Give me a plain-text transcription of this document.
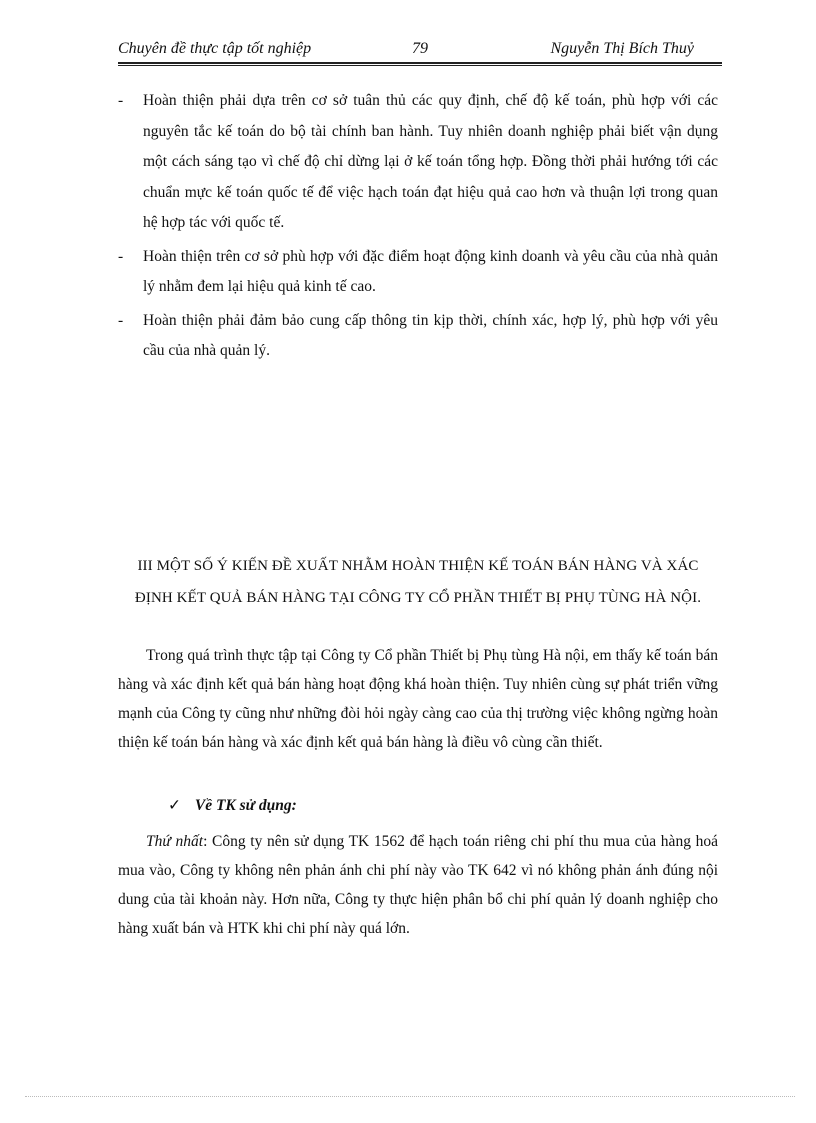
Chuyên đề thực tập tốt nghiệp	79	Nguyễn Thị Bích Thuỷ
- Hoàn thiện phải dựa trên cơ sở tuân thủ các quy định, chế độ kế toán, phù hợp với các nguyên tắc kế toán do bộ tài chính ban hành. Tuy nhiên doanh nghiệp phải biết vận dụng một cách sáng tạo vì chế độ chỉ dừng lại ở kế toán tổng hợp. Đồng thời phải hướng tới các chuẩn mực kế toán quốc tế để việc hạch toán đạt hiệu quả cao hơn và thuận lợi trong quan hệ hợp tác với quốc tế.
- Hoàn thiện trên cơ sở phù hợp với đặc điểm hoạt động kinh doanh và yêu cầu của nhà quản lý nhằm đem lại hiệu quả kinh tế cao.
- Hoàn thiện phải đảm bảo cung cấp thông tin kịp thời, chính xác, hợp lý, phù hợp với yêu cầu của nhà quản lý.
III MỘT SỐ Ý KIẾN ĐỀ XUẤT NHẰM HOÀN THIỆN KẾ TOÁN BÁN HÀNG VÀ XÁC ĐỊNH KẾT QUẢ BÁN HÀNG TẠI CÔNG TY CỔ PHẦN THIẾT BỊ PHỤ TÙNG HÀ NỘI.
Trong quá trình thực tập tại Công ty Cổ phần Thiết bị Phụ tùng Hà nội, em thấy kế toán bán hàng và xác định kết quả bán hàng hoạt động khá hoàn thiện. Tuy nhiên cùng sự phát triển vững mạnh của Công ty cũng như những đòi hỏi ngày càng cao của thị trường việc không ngừng hoàn thiện kế toán bán hàng và xác định kết quả bán hàng là điều vô cùng cần thiết.
✓ Về TK sử dụng:
Thứ nhất: Công ty nên sử dụng TK 1562 để hạch toán riêng chi phí thu mua của hàng hoá mua vào, Công ty không nên phản ánh chi phí này vào TK 642 vì nó không phản ánh đúng nội dung của tài khoản này. Hơn nữa, Công ty thực hiện phân bổ chi phí quản lý doanh nghiệp cho hàng xuất bán và HTK khi chi phí này quá lớn.
